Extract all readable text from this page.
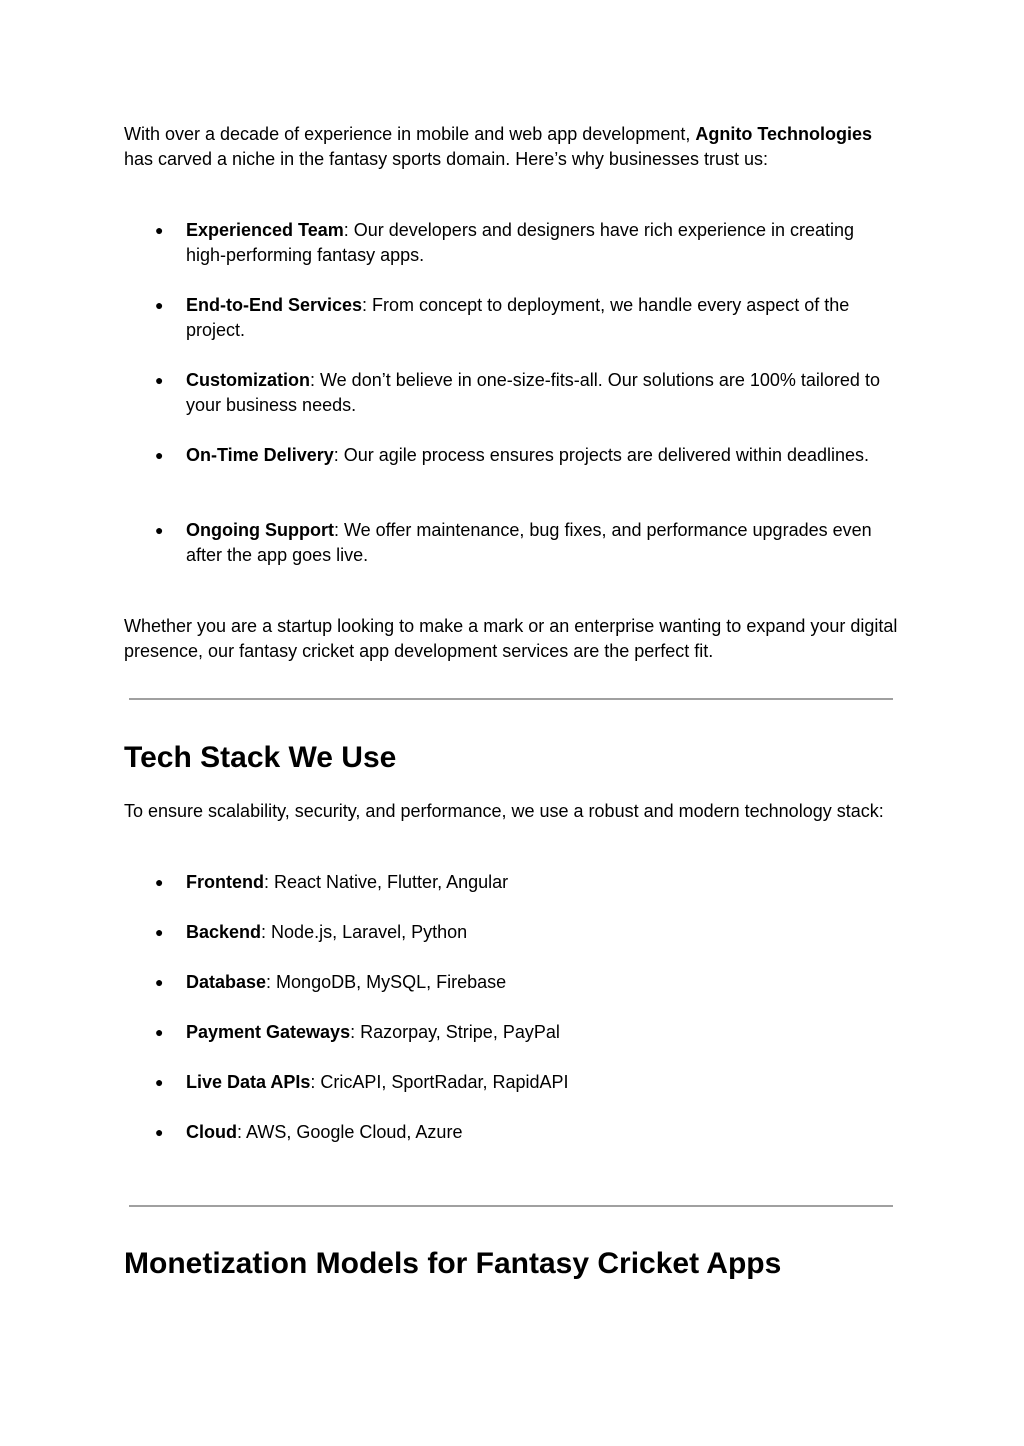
With over a decade of experience in mobile and web app development, Agnito Technologies has carved a niche in the fantasy sports domain. Here’s why businesses trust us:

● Experienced Team: Our developers and designers have rich experience in creating high-performing fantasy apps.
● End-to-End Services: From concept to deployment, we handle every aspect of the project.
● Customization: We don’t believe in one-size-fits-all. Our solutions are 100% tailored to your business needs.
● On-Time Delivery: Our agile process ensures projects are delivered within deadlines.
● Ongoing Support: We offer maintenance, bug fixes, and performance upgrades even after the app goes live.

Whether you are a startup looking to make a mark or an enterprise wanting to expand your digital presence, our fantasy cricket app development services are the perfect fit.

Tech Stack We Use

To ensure scalability, security, and performance, we use a robust and modern technology stack:

● Frontend: React Native, Flutter, Angular
● Backend: Node.js, Laravel, Python
● Database: MongoDB, MySQL, Firebase
● Payment Gateways: Razorpay, Stripe, PayPal
● Live Data APIs: CricAPI, SportRadar, RapidAPI
● Cloud: AWS, Google Cloud, Azure
Monetization Models for Fantasy Cricket Apps
